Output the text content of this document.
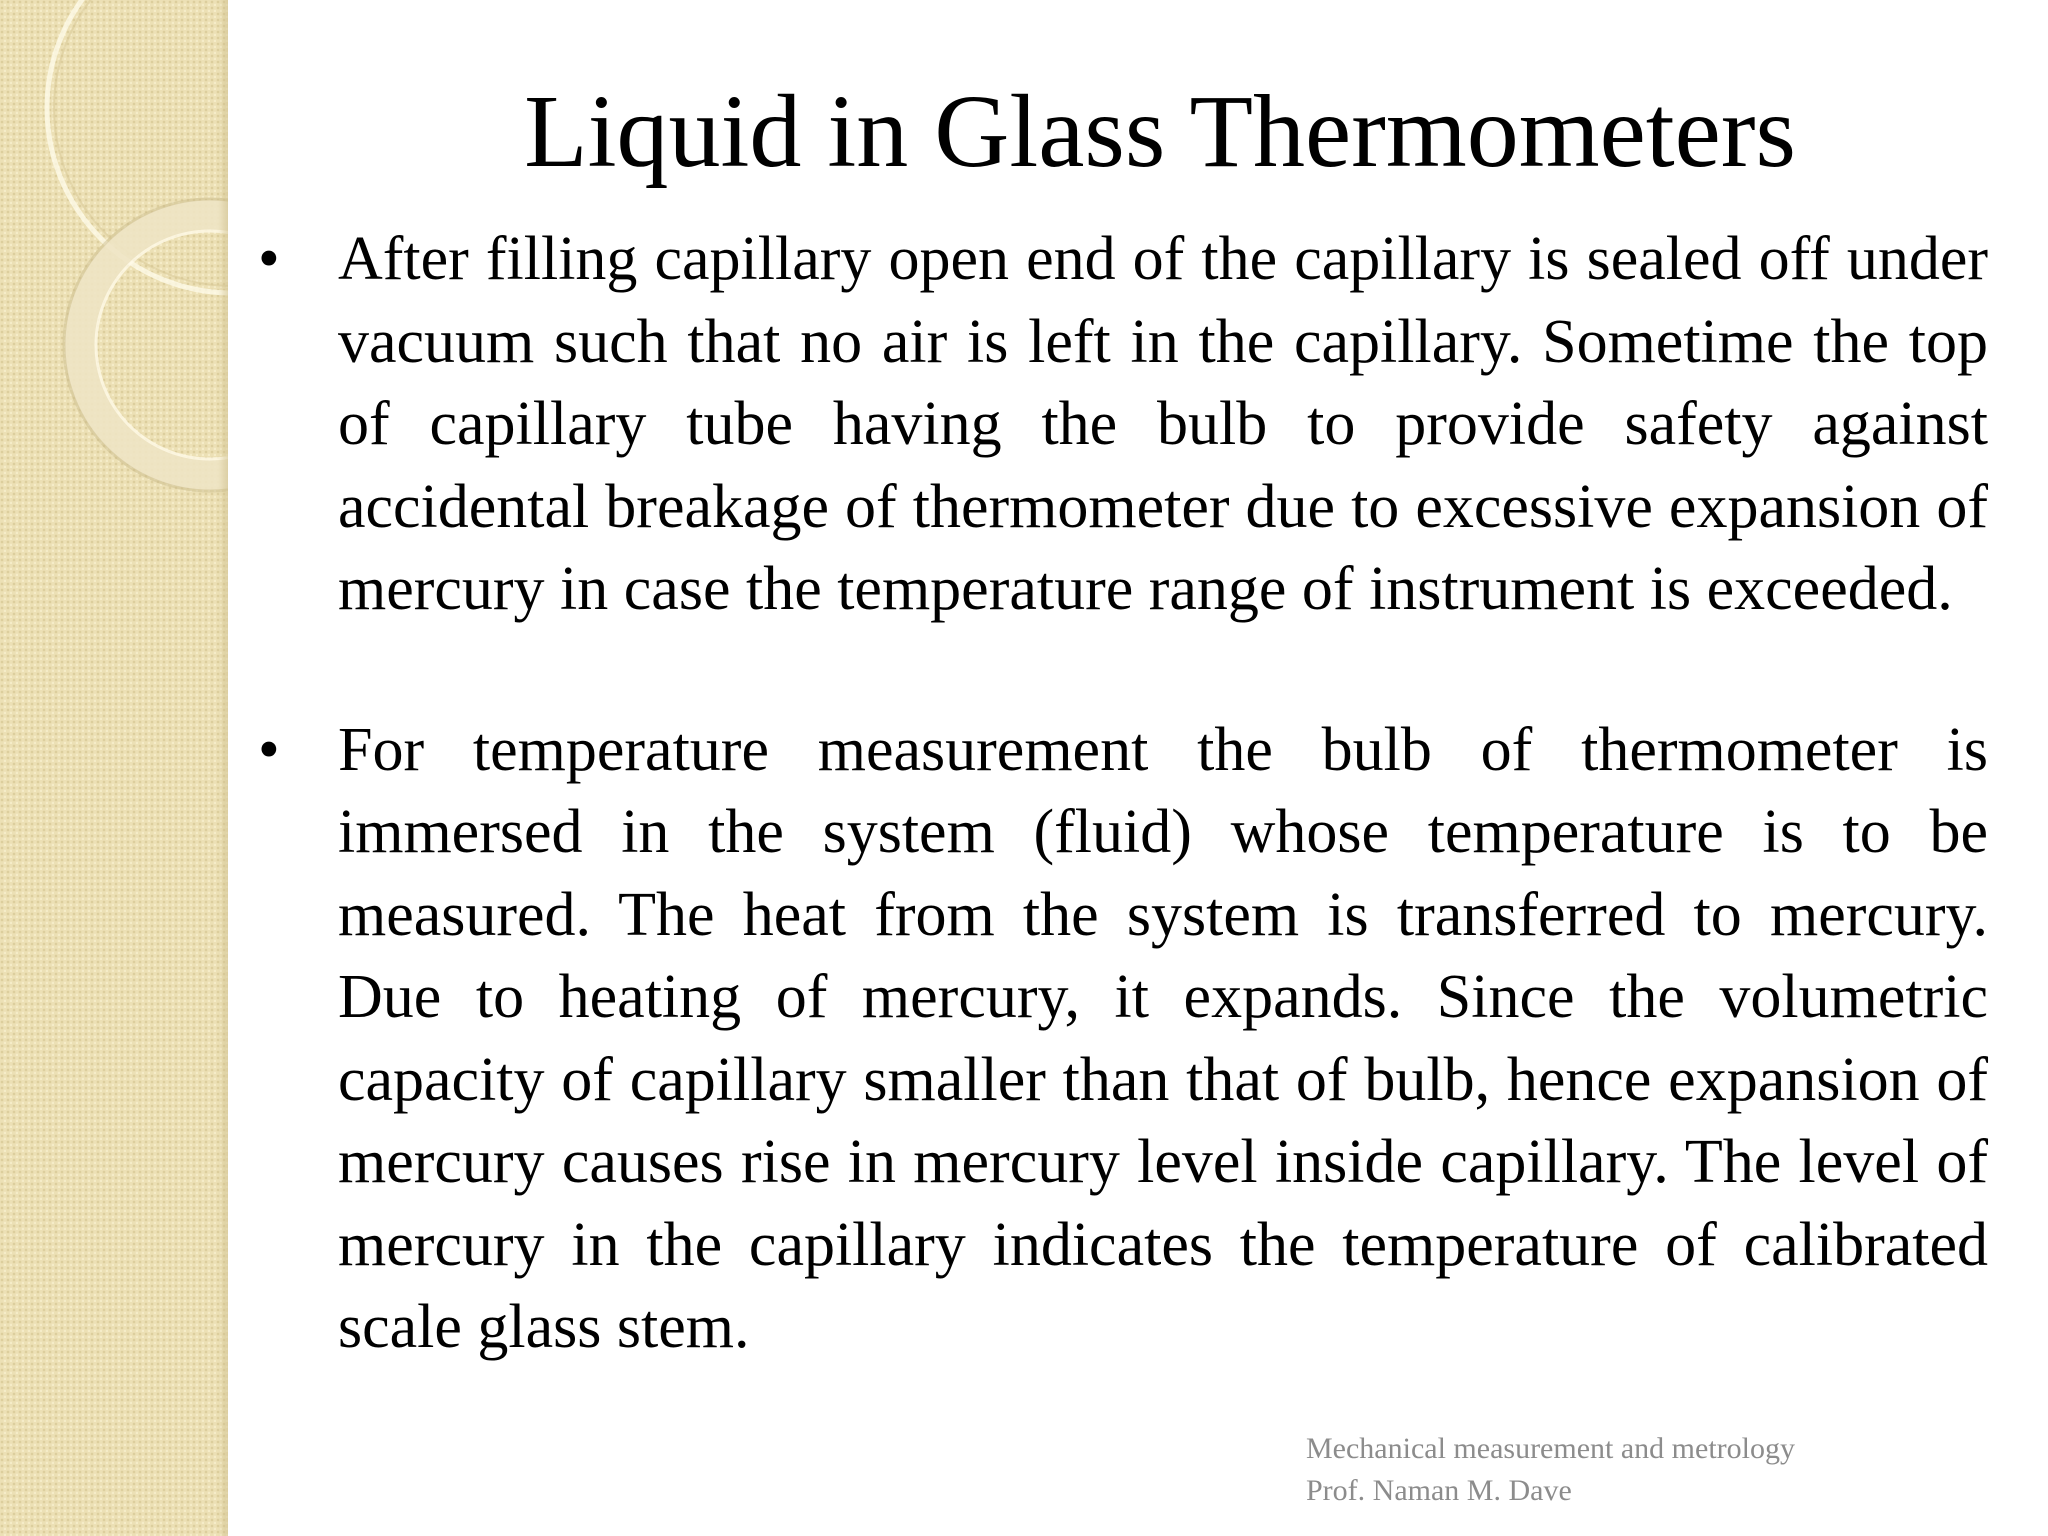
Liquid in Glass Thermometers
• After filling capillary open end of the capillary is sealed off under vacuum such that no air is left in the capillary. Sometime the top of capillary tube having the bulb to provide safety against accidental breakage of thermometer due to excessive expansion of mercury in case the temperature range of instrument is exceeded.
• For temperature measurement the bulb of thermometer is immersed in the system (fluid) whose temperature is to be measured. The heat from the system is transferred to mercury. Due to heating of mercury, it expands. Since the volumetric capacity of capillary smaller than that of bulb, hence expansion of mercury causes rise in mercury level inside capillary. The level of mercury in the capillary indicates the temperature of calibrated scale glass stem.
Mechanical measurement and metrology
Prof. Naman M. Dave
